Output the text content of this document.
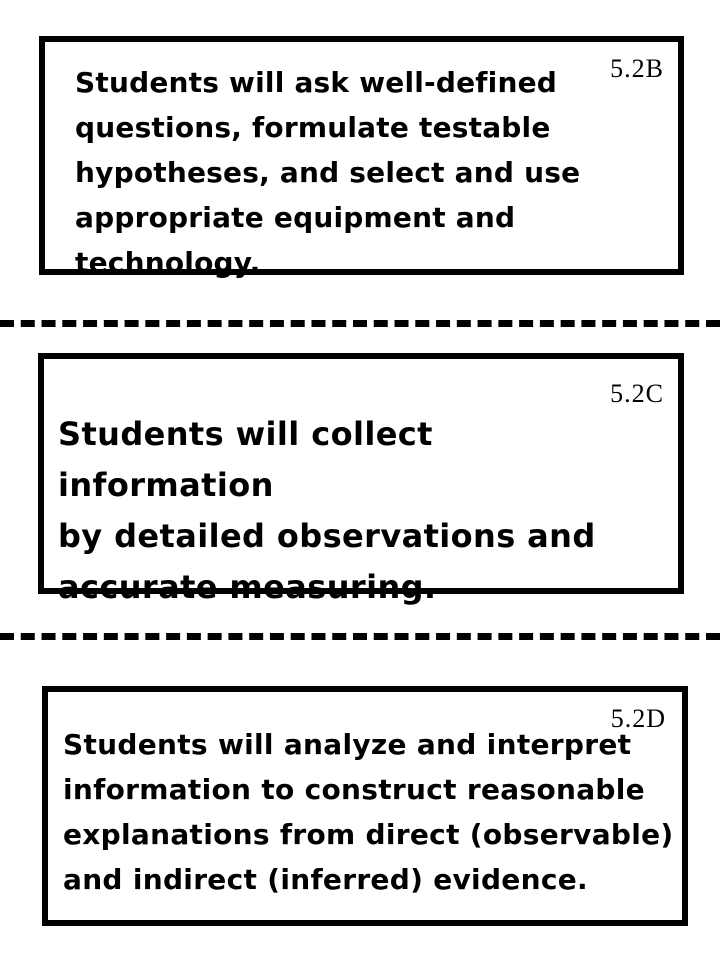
5.2B

Students will ask well-defined
questions, formulate testable
hypotheses, and select and use
appropriate equipment and
technology.

5.2C

Students will collect information
by detailed observations and
accurate measuring.

5.2D

Students will analyze and interpret
information to construct reasonable
explanations from direct (observable)
and indirect (inferred) evidence.
